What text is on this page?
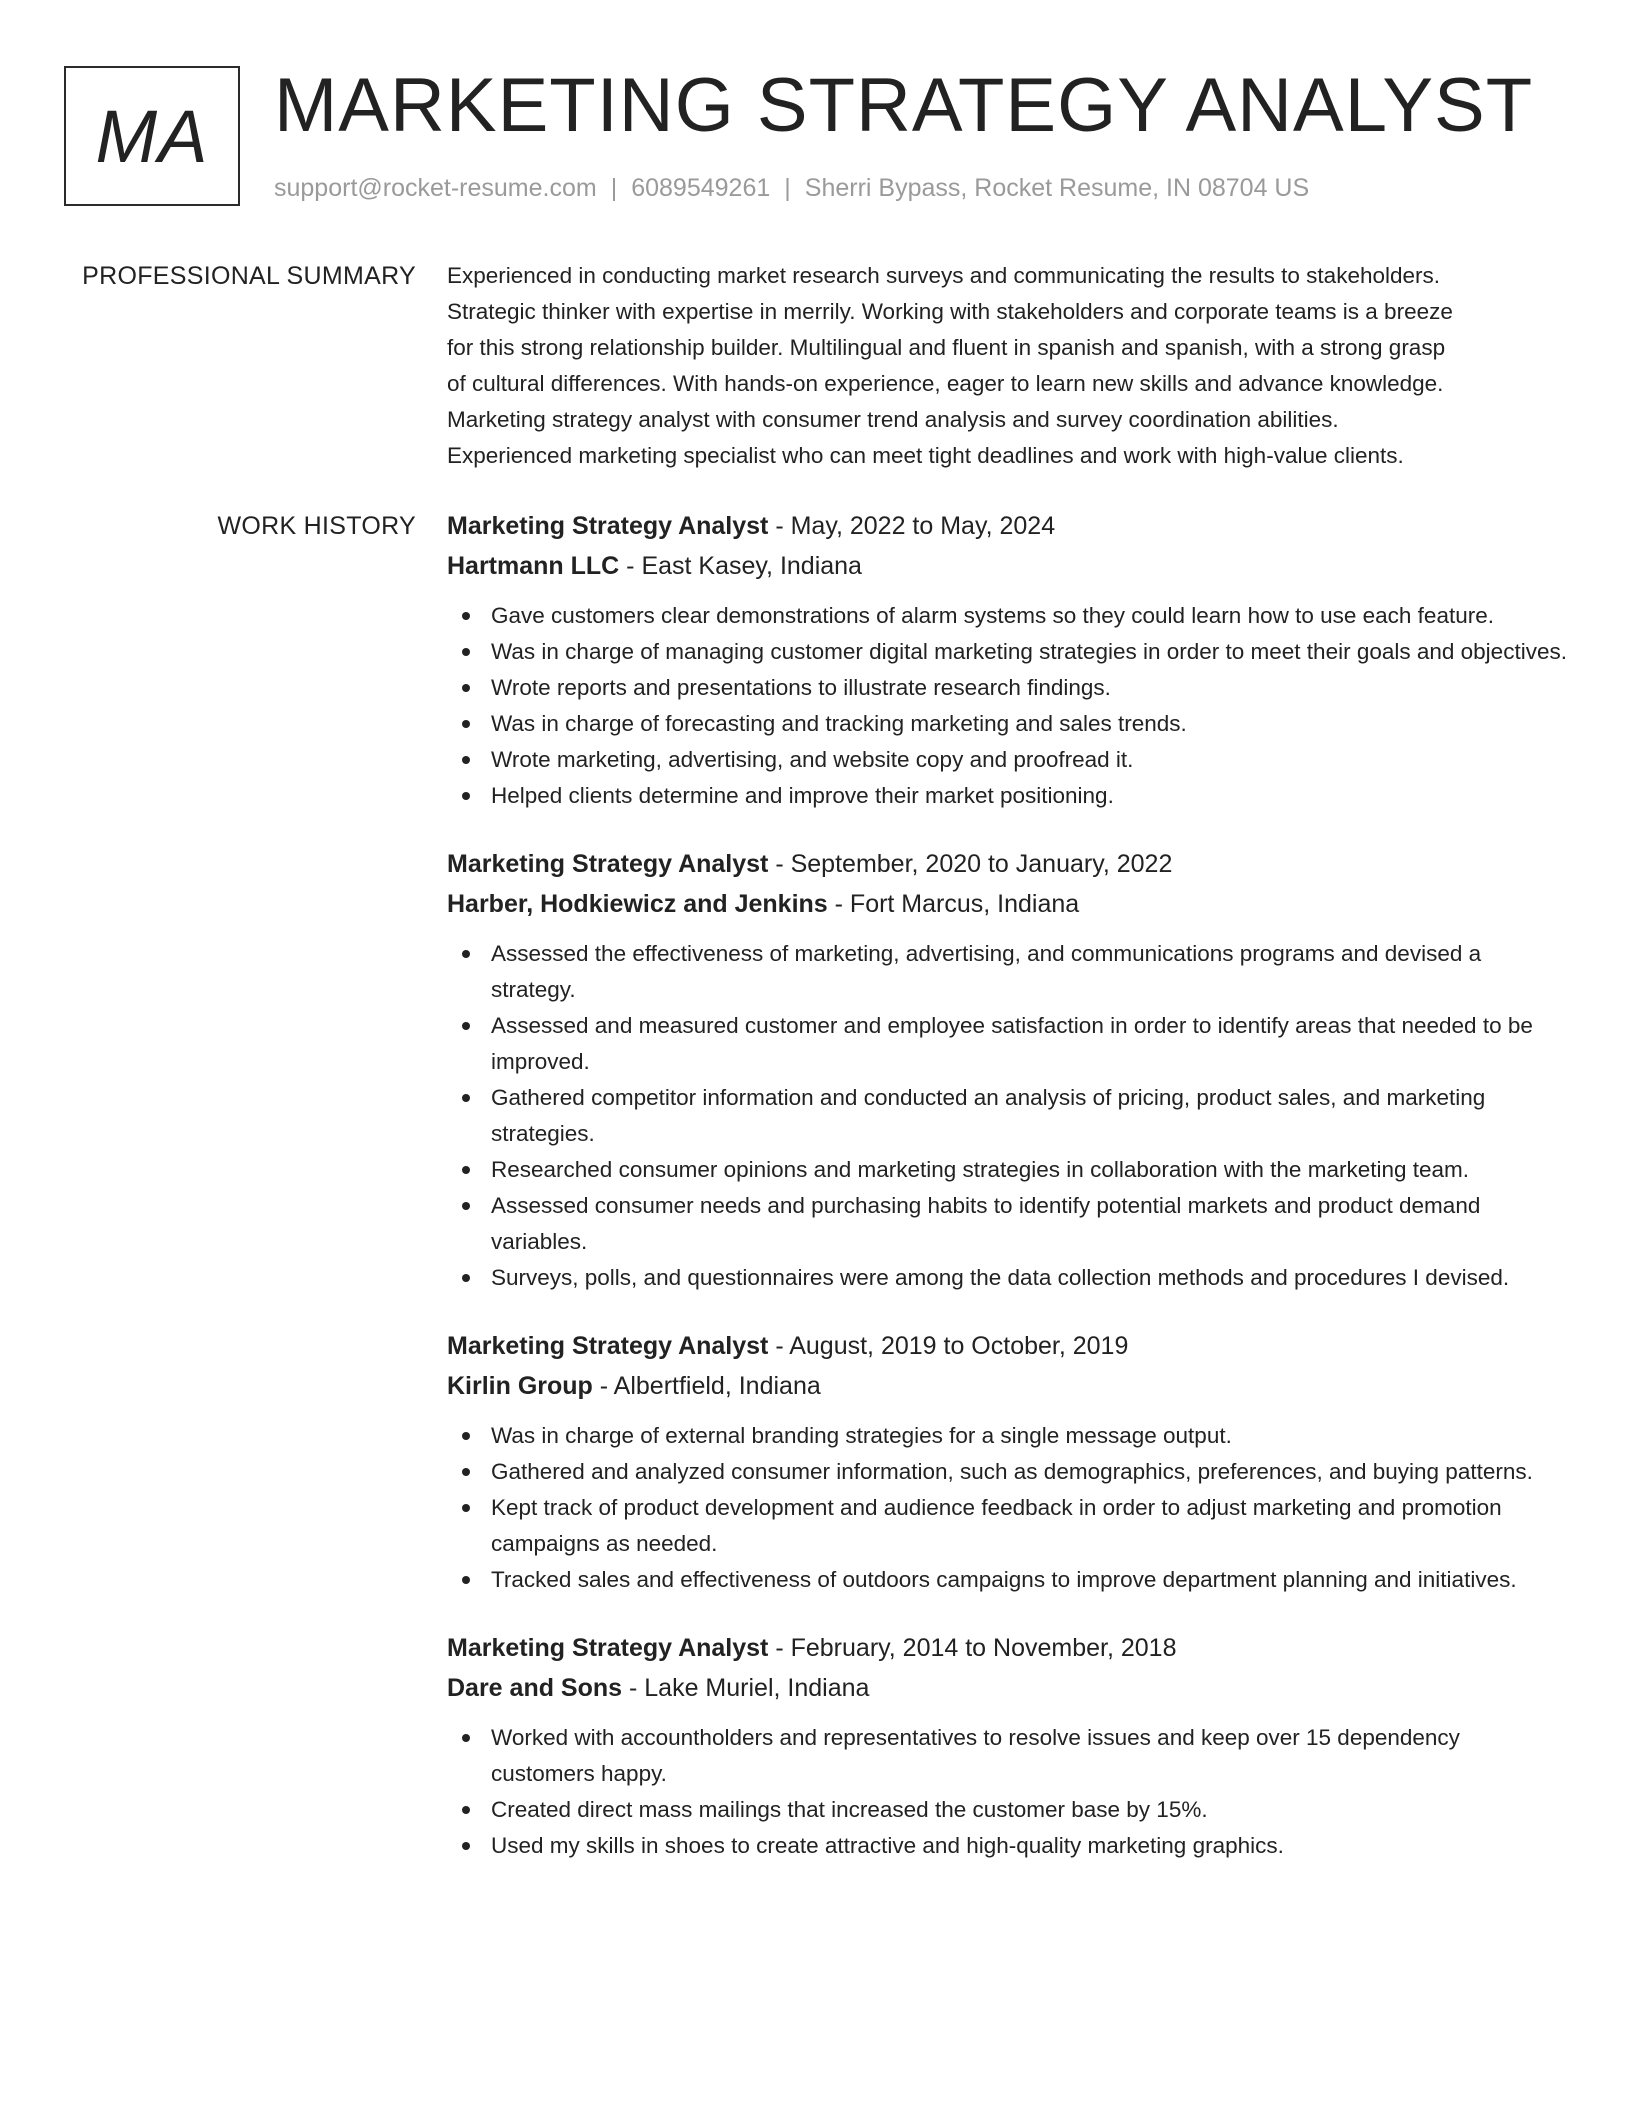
MA MARKETING STRATEGY ANALYST
support@rocket-resume.com | 6089549261 | Sherri Bypass, Rocket Resume, IN 08704 US
PROFESSIONAL SUMMARY Experienced in conducting market research surveys and communicating the results to stakeholders.
Strategic thinker with expertise in merrily. Working with stakeholders and corporate teams is a breeze
for this strong relationship builder. Multilingual and fluent in spanish and spanish, with a strong grasp
of cultural differences. With hands-on experience, eager to learn new skills and advance knowledge.
Marketing strategy analyst with consumer trend analysis and survey coordination abilities.
Experienced marketing specialist who can meet tight deadlines and work with high-value clients.
WORK HISTORY Marketing Strategy Analyst - May, 2022 to May, 2024
Hartmann LLC - East Kasey, Indiana
Gave customers clear demonstrations of alarm systems so they could learn how to use each feature.
Was in charge of managing customer digital marketing strategies in order to meet their goals and objectives.
Wrote reports and presentations to illustrate research findings.
Was in charge of forecasting and tracking marketing and sales trends.
Wrote marketing, advertising, and website copy and proofread it.
Helped clients determine and improve their market positioning.
Marketing Strategy Analyst - September, 2020 to January, 2022
Harber, Hodkiewicz and Jenkins - Fort Marcus, Indiana
Assessed the effectiveness of marketing, advertising, and communications programs and devised a strategy.
Assessed and measured customer and employee satisfaction in order to identify areas that needed to be improved.
Gathered competitor information and conducted an analysis of pricing, product sales, and marketing strategies.
Researched consumer opinions and marketing strategies in collaboration with the marketing team.
Assessed consumer needs and purchasing habits to identify potential markets and product demand variables.
Surveys, polls, and questionnaires were among the data collection methods and procedures I devised.
Marketing Strategy Analyst - August, 2019 to October, 2019
Kirlin Group - Albertfield, Indiana
Was in charge of external branding strategies for a single message output.
Gathered and analyzed consumer information, such as demographics, preferences, and buying patterns.
Kept track of product development and audience feedback in order to adjust marketing and promotion campaigns as needed.
Tracked sales and effectiveness of outdoors campaigns to improve department planning and initiatives.
Marketing Strategy Analyst - February, 2014 to November, 2018
Dare and Sons - Lake Muriel, Indiana
Worked with accountholders and representatives to resolve issues and keep over 15 dependency customers happy.
Created direct mass mailings that increased the customer base by 15%.
Used my skills in shoes to create attractive and high-quality marketing graphics.
